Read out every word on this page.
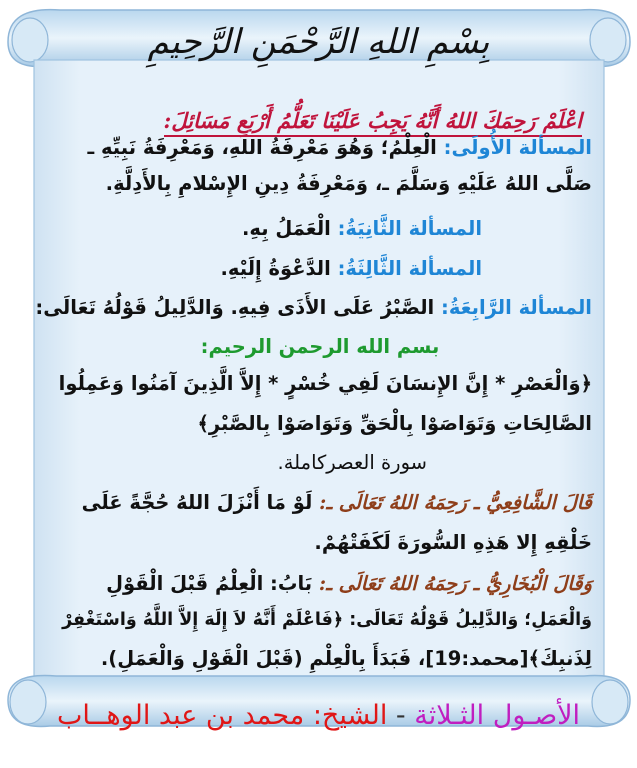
بِسْمِ اللهِ الرَّحْمَنِ الرَّحِيمِ
اعْلَمْ رَحِمَكَ اللهُ أَنَّهُ يَجِبُ عَلَيْنَا تَعَلُّمُ أَرْبَعِ مَسَائِلَ:
المسألة الأُولَى: الْعِلْمُ؛ وَهُوَ مَعْرِفَةُ اللهِ، وَمَعْرِفَةُ نَبِيِّهِ ـ
صَلَّى اللهُ عَلَيْهِ وَسَلَّمَ ـ، وَمَعْرِفَةُ دِينِ الإِسْلامِ بِالأَدِلَّةِ.
المسألة الثَّانِيَةُ: الْعَمَلُ بِهِ.
المسألة الثَّالِثَةُ: الدَّعْوَةُ إِلَيْهِ.
المسألة الرَّابِعَةُ: الصَّبْرُ عَلَى الأَذَى فِيهِ. وَالدَّلِيلُ قَوْلُهُ تَعَالَى:
بسم الله الرحمن الرحيم:
﴿وَالْعَصْرِ * إِنَّ الإِنسَانَ لَفِي خُسْرٍ * إِلاَّ الَّذِينَ آمَنُوا وَعَمِلُوا
الصَّالِحَاتِ وَتَوَاصَوْا بِالْحَقِّ وَتَوَاصَوْا بِالصَّبْرِ﴾
سورة العصركاملة.
قَالَ الشَّافِعِيُّ ـ رَحِمَهُ اللهُ تَعَالَى ـ: لَوْ مَا أَنْزَلَ اللهُ حُجَّةً عَلَى
خَلْقِهِ إِلا هَذِهِ السُّورَةَ لَكَفَتْهُمْ.
وَقَالَ الْبُخَارِيُّ ـ رَحِمَهُ اللهُ تَعَالَى ـ: بَابُ: الْعِلْمُ قَبْلَ الْقَوْلِ
وَالْعَمَلِ؛ وَالدَّلِيلُ قَوْلُهُ تَعَالَى: ﴿فَاعْلَمْ أَنَّهُ لاَ إِلَهَ إِلاَّ اللَّهُ وَاسْتَغْفِرْ
لِذَنبِكَ﴾[محمد:19]، فَبَدَأَ بِالْعِلْمِ (قَبْلَ الْقَوْلِ وَالْعَمَلِ).
الأصـول الثـلاثة - الشيخ: محمد بن عبد الوهــاب
